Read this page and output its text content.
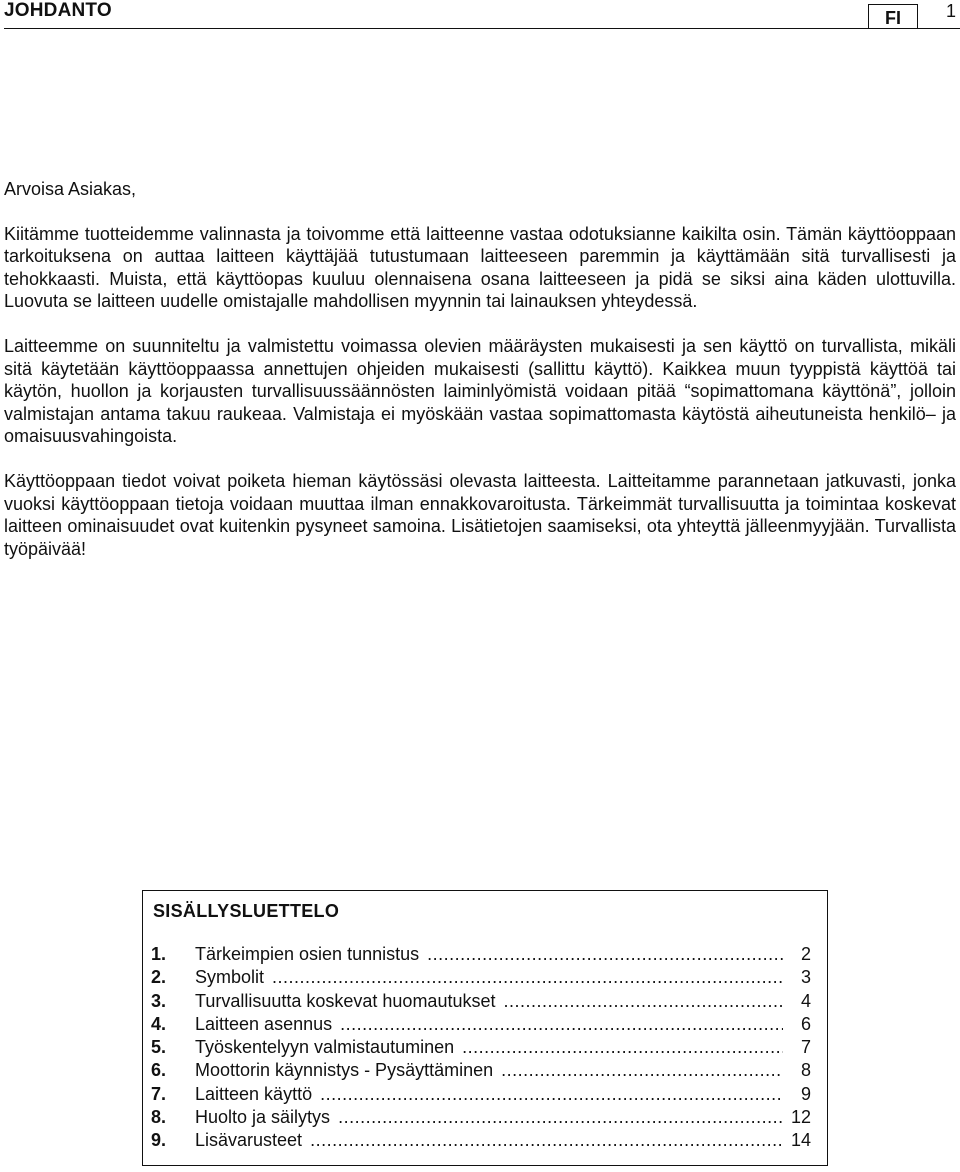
JOHDANTO	FI	1

Arvoisa Asiakas,

Kiitämme tuotteidemme valinnasta ja toivomme että laitteenne vastaa odotuksianne kaikilta osin. Tämän käyttöoppaan tarkoituksena on auttaa laitteen käyttäjää tutustumaan laitteeseen paremmin ja käyttämään sitä turvallisesti ja tehokkaasti. Muista, että käyttöopas kuuluu olennaisena osana laitteeseen ja pidä se siksi aina käden ulottuvilla. Luovuta se laitteen uudelle omistajalle mahdollisen myynnin tai lainauksen yhteydessä.

Laitteemme on suunniteltu ja valmistettu voimassa olevien määräysten mukaisesti ja sen käyttö on turvallista, mikäli sitä käytetään käyttöoppaassa annettujen ohjeiden mukaisesti (sallittu käyttö). Kaikkea muun tyyppistä käyttöä tai käytön, huollon ja korjausten turvallisuussäännösten laiminlyömistä voidaan pitää “sopimattomana käyttönä”, jolloin valmistajan antama takuu raukeaa. Valmistaja ei myöskään vastaa sopimattomasta käytöstä aiheutuneista henkilö– ja omaisuusvahingoista.

Käyttöoppaan tiedot voivat poiketa hieman käytössäsi olevasta laitteesta. Laitteitamme parannetaan jatkuvasti, jonka vuoksi käyttöoppaan tietoja voidaan muuttaa ilman ennakkovaroitusta. Tärkeimmät turvallisuutta ja toimintaa koskevat laitteen ominaisuudet ovat kuitenkin pysyneet samoina. Lisätietojen saamiseksi, ota yhteyttä jälleenmyyjään. Turvallista työpäivää!

SISÄLLYSLUETTELO
1.	Tärkeimpien osien tunnistus .....	2
2.	Symbolit .....	3
3.	Turvallisuutta koskevat huomautukset .....	4
4.	Laitteen asennus .....	6
5.	Työskentelyyn valmistautuminen .....	7
6.	Moottorin käynnistys - Pysäyttäminen .....	8
7.	Laitteen käyttö .....	9
8.	Huolto ja säilytys .....	12
9.	Lisävarusteet .....	14
